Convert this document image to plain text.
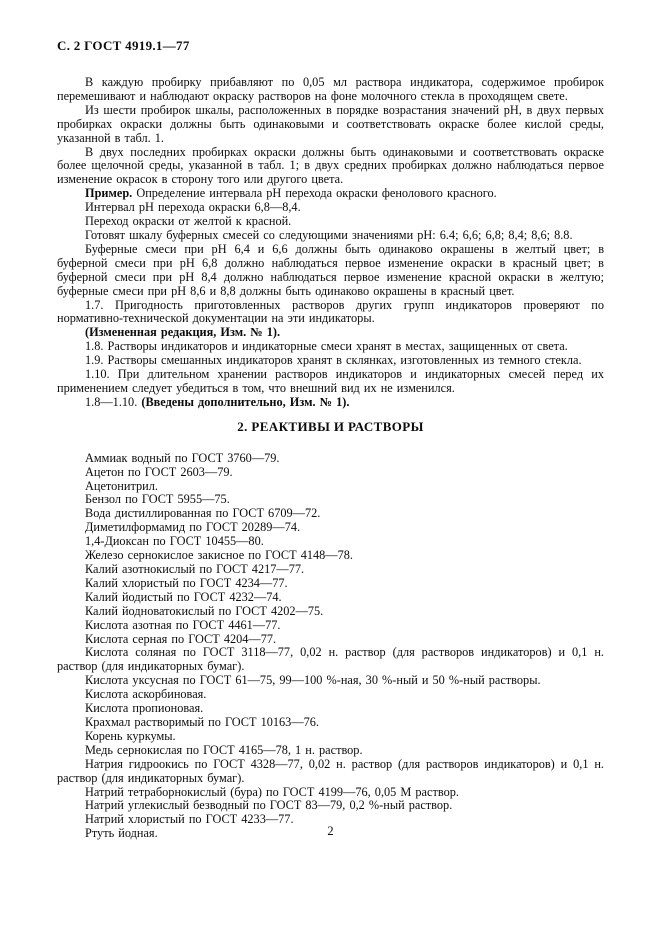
С. 2 ГОСТ 4919.1—77

В каждую пробирку прибавляют по 0,05 мл раствора индикатора, содержимое пробирок перемешивают и наблюдают окраску растворов на фоне молочного стекла в проходящем свете.

Из шести пробирок шкалы, расположенных в порядке возрастания значений pH, в двух первых пробирках окраски должны быть одинаковыми и соответствовать окраске более кислой среды, указанной в табл. 1.

В двух последних пробирках окраски должны быть одинаковыми и соответствовать окраске более щелочной среды, указанной в табл. 1; в двух средних пробирках должно наблюдаться первое изменение окрасок в сторону того или другого цвета.

Пример. Определение интервала pH перехода окраски фенолового красного.

Интервал pH перехода окраски 6,8—8,4.

Переход окраски от желтой к красной.

Готовят шкалу буферных смесей со следующими значениями pH: 6.4; 6,6; 6,8; 8,4; 8,6; 8.8.

Буферные смеси при pH 6,4 и 6,6 должны быть одинаково окрашены в желтый цвет; в буферной смеси при pH 6,8 должно наблюдаться первое изменение окраски в красный цвет; в буферной смеси при pH 8,4 должно наблюдаться первое изменение красной окраски в желтую; буферные смеси при pH 8,6 и 8,8 должны быть одинаково окрашены в красный цвет.

1.7. Пригодность приготовленных растворов других групп индикаторов проверяют по нормативно-технической документации на эти индикаторы.

(Измененная редакция, Изм. № 1).

1.8. Растворы индикаторов и индикаторные смеси хранят в местах, защищенных от света.

1.9. Растворы смешанных индикаторов хранят в склянках, изготовленных из темного стекла.

1.10. При длительном хранении растворов индикаторов и индикаторных смесей перед их применением следует убедиться в том, что внешний вид их не изменился.

1.8—1.10. (Введены дополнительно, Изм. № 1).

2. РЕАКТИВЫ И РАСТВОРЫ

Аммиак водный по ГОСТ 3760—79.

Ацетон по ГОСТ 2603—79.

Ацетонитрил.

Бензол по ГОСТ 5955—75.

Вода дистиллированная по ГОСТ 6709—72.

Диметилформамид по ГОСТ 20289—74.

1,4-Диоксан по ГОСТ 10455—80.

Железо сернокислое закисное по ГОСТ 4148—78.

Калий азотнокислый по ГОСТ 4217—77.

Калий хлористый по ГОСТ 4234—77.

Калий йодистый по ГОСТ 4232—74.

Калий йодноватокислый по ГОСТ 4202—75.

Кислота азотная по ГОСТ 4461—77.

Кислота серная по ГОСТ 4204—77.

Кислота соляная по ГОСТ 3118—77, 0,02 н. раствор (для растворов индикаторов) и 0,1 н. раствор (для индикаторных бумаг).

Кислота уксусная по ГОСТ 61—75, 99—100 %-ная, 30 %-ный и 50 %-ный растворы.

Кислота аскорбиновая.

Кислота пропионовая.

Крахмал растворимый по ГОСТ 10163—76.

Корень куркумы.

Медь сернокислая по ГОСТ 4165—78, 1 н. раствор.

Натрия гидроокись по ГОСТ 4328—77, 0,02 н. раствор (для растворов индикаторов) и 0,1 н. раствор (для индикаторных бумаг).

Натрий тетраборнокислый (бура) по ГОСТ 4199—76, 0,05 М раствор.

Натрий углекислый безводный по ГОСТ 83—79, 0,2 %-ный раствор.

Натрий хлористый по ГОСТ 4233—77.

Ртуть йодная.	2
